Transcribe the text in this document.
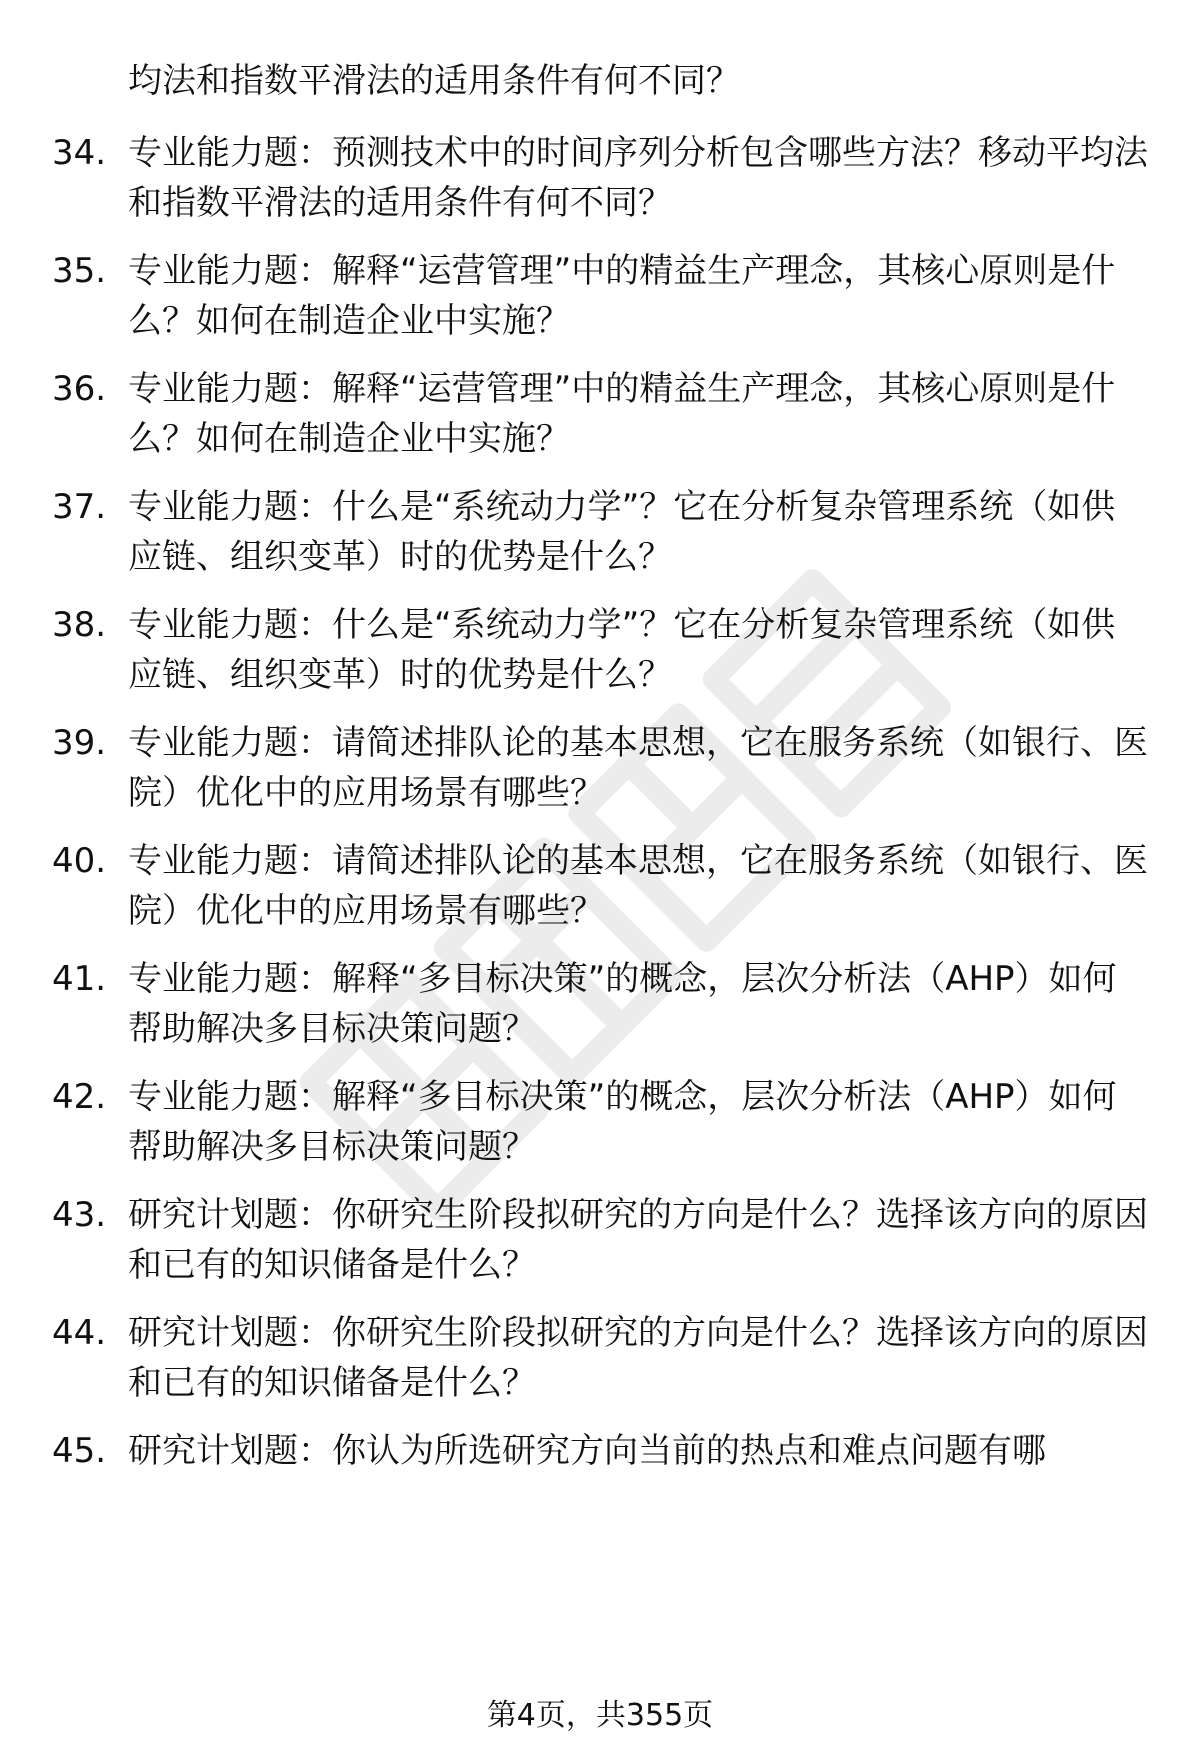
均法和指数平滑法的适用条件有何不同？
34. 专业能力题：预测技术中的时间序列分析包含哪些方法？移动平均法和指数平滑法的适用条件有何不同？
35. 专业能力题：解释“运营管理”中的精益生产理念，其核心原则是什么？如何在制造企业中实施？
36. 专业能力题：解释“运营管理”中的精益生产理念，其核心原则是什么？如何在制造企业中实施？
37. 专业能力题：什么是“系统动力学”？它在分析复杂管理系统（如供应链、组织变革）时的优势是什么？
38. 专业能力题：什么是“系统动力学”？它在分析复杂管理系统（如供应链、组织变革）时的优势是什么？
39. 专业能力题：请简述排队论的基本思想，它在服务系统（如银行、医院）优化中的应用场景有哪些？
40. 专业能力题：请简述排队论的基本思想，它在服务系统（如银行、医院）优化中的应用场景有哪些？
41. 专业能力题：解释“多目标决策”的概念，层次分析法（AHP）如何帮助解决多目标决策问题？
42. 专业能力题：解释“多目标决策”的概念，层次分析法（AHP）如何帮助解决多目标决策问题？
43. 研究计划题：你研究生阶段拟研究的方向是什么？选择该方向的原因和已有的知识储备是什么？
44. 研究计划题：你研究生阶段拟研究的方向是什么？选择该方向的原因和已有的知识储备是什么？
45. 研究计划题：你认为所选研究方向当前的热点和难点问题有哪
第4页，共355页
